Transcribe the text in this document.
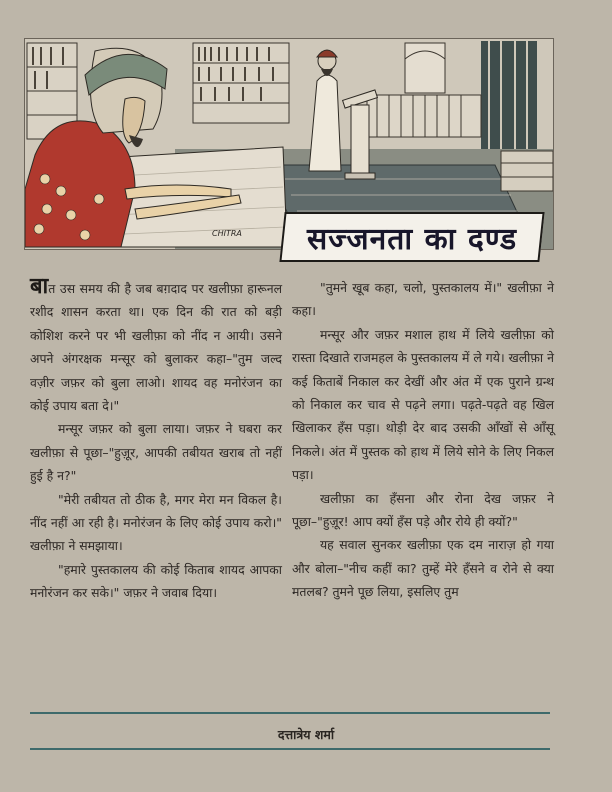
CHITRA सज्जनता का दण्ड

बात उस समय की है जब बग़दाद पर खलीफ़ा हारूनल रशीद शासन करता था। एक दिन की रात को बड़ी कोशिश करने पर भी खलीफ़ा को नींद न आयी। उसने अपने अंगरक्षक मन्सूर को बुलाकर कहा–"तुम जल्द वज़ीर जफ़र को बुला लाओ। शायद वह मनोरंजन का कोई उपाय बता दे।"

मन्सूर जफ़र को बुला लाया। जफ़र ने घबरा कर खलीफ़ा से पूछा–"हुज़ूर, आपकी तबीयत खराब तो नहीं हुई है न?"

"मेरी तबीयत तो ठीक है, मगर मेरा मन विकल है। नींद नहीं आ रही है। मनोरंजन के लिए कोई उपाय करो।" खलीफ़ा ने समझाया।

"हमारे पुस्तकालय की कोई किताब शायद आपका मनोरंजन कर सके।" जफ़र ने जवाब दिया।

"तुमने खूब कहा, चलो, पुस्तकालय में।" खलीफ़ा ने कहा।

मन्सूर और जफ़र मशाल हाथ में लिये खलीफ़ा को रास्ता दिखाते राजमहल के पुस्तकालय में ले गये। खलीफ़ा ने कई किताबें निकाल कर देखीं और अंत में एक पुराने ग्रन्थ को निकाल कर चाव से पढ़ने लगा। पढ़ते-पढ़ते वह खिल खिलाकर हँस पड़ा। थोड़ी देर बाद उसकी आँखों से आँसू निकले। अंत में पुस्तक को हाथ में लिये सोने के लिए निकल पड़ा।

खलीफ़ा का हँसना और रोना देख जफ़र ने पूछा–"हुज़ूर! आप क्यों हँस पड़े और रोये ही क्यों?"

यह सवाल सुनकर खलीफ़ा एक दम नाराज़ हो गया और बोला–"नीच कहीं का? तुम्हें मेरे हँसने व रोने से क्या मतलब? तुमने पूछ लिया, इसलिए तुम

दत्तात्रेय शर्मा
